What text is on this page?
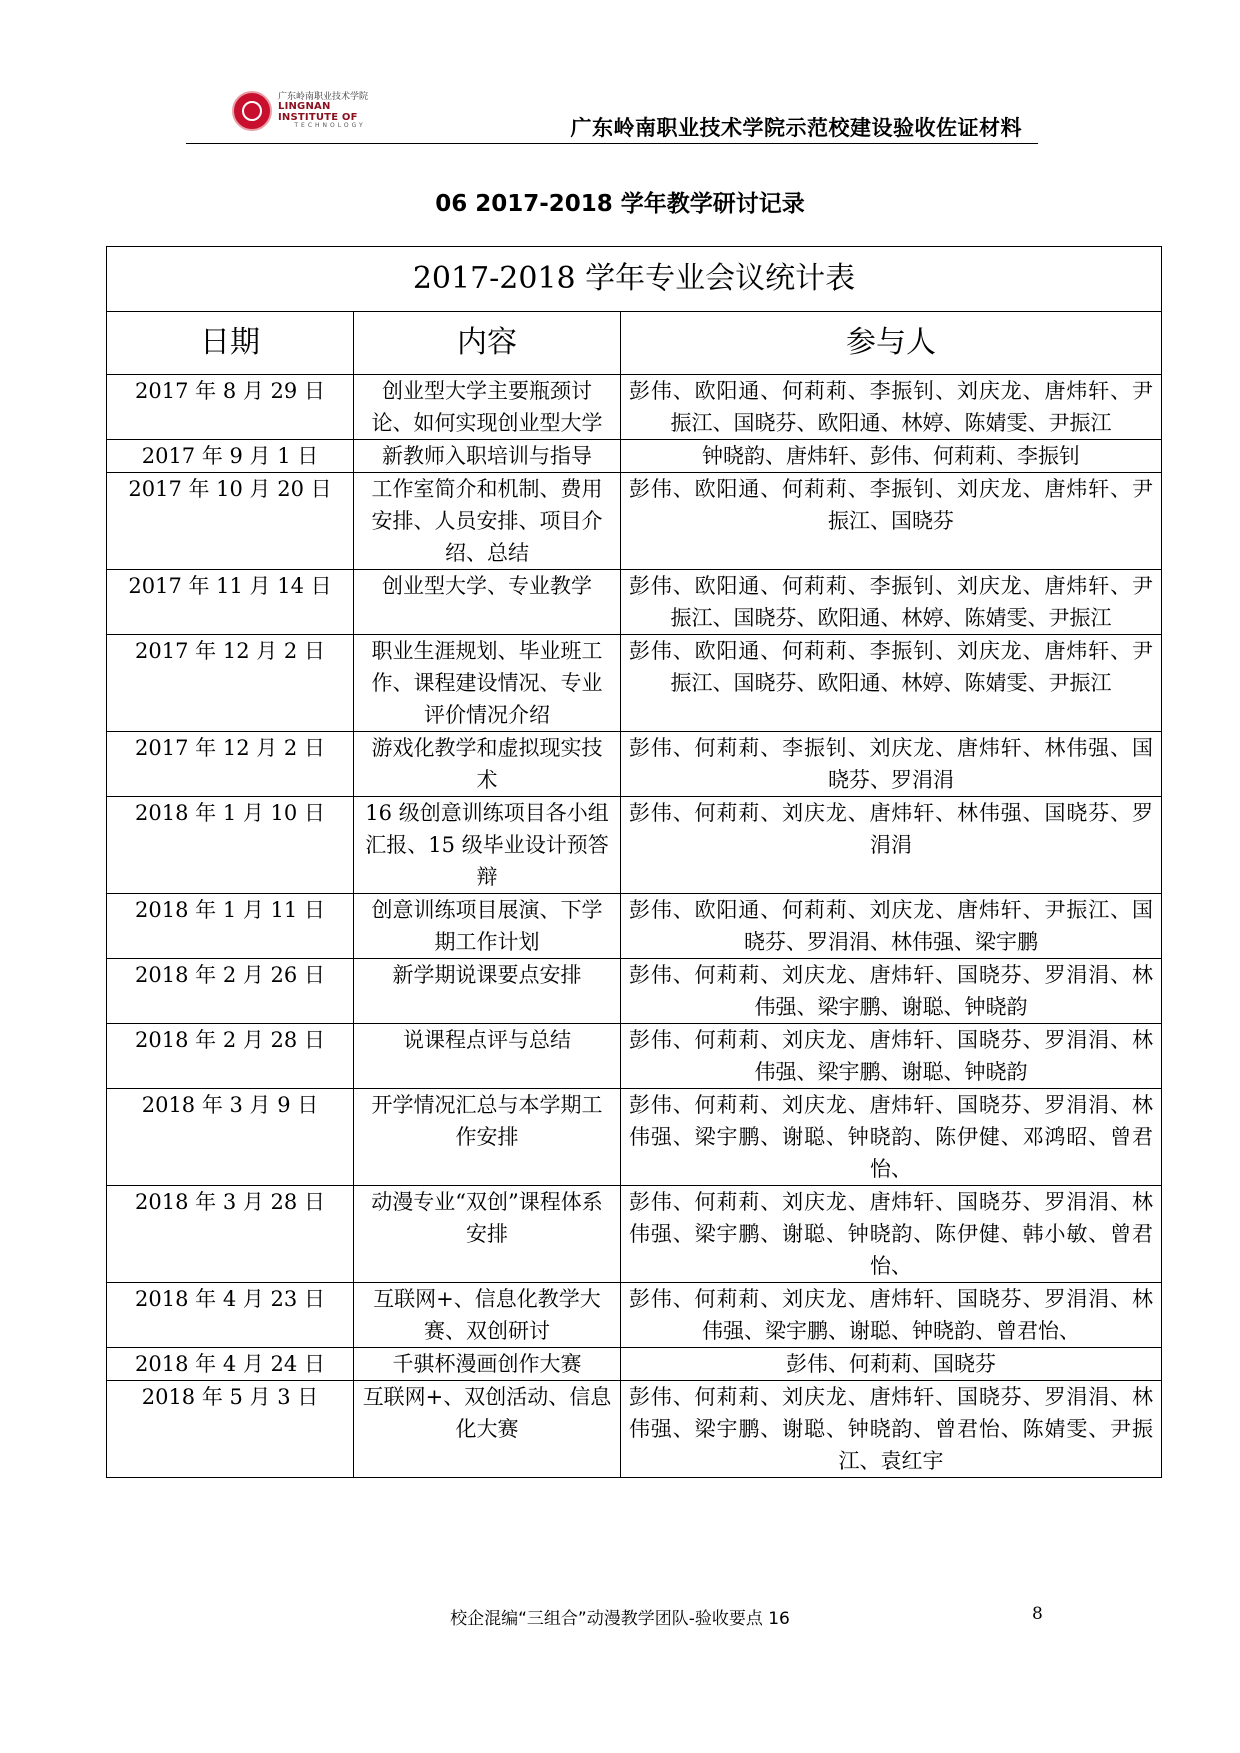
广东岭南职业技术学院
LINGNAN INSTITUTE OF
TECHNOLOGY	广东岭南职业技术学院示范校建设验收佐证材料
06 2017-2018 学年教学研讨记录
2017-2018 学年专业会议统计表		
日期	内容	参与人
2017 年 8 月 29 日	创业型大学主要瓶颈讨论、如何实现创业型大学	彭伟、欧阳通、何莉莉、李振钊、刘庆龙、唐炜轩、尹振江、国晓芬、欧阳通、林婷、陈婧雯、尹振江
2017 年 9 月 1 日	新教师入职培训与指导	钟晓韵、唐炜轩、彭伟、何莉莉、李振钊
2017 年 10 月 20 日	工作室简介和机制、费用安排、人员安排、项目介绍、总结	彭伟、欧阳通、何莉莉、李振钊、刘庆龙、唐炜轩、尹振江、国晓芬
2017 年 11 月 14 日	创业型大学、专业教学	彭伟、欧阳通、何莉莉、李振钊、刘庆龙、唐炜轩、尹振江、国晓芬、欧阳通、林婷、陈婧雯、尹振江
2017 年 12 月 2 日	职业生涯规划、毕业班工作、课程建设情况、专业评价情况介绍	彭伟、欧阳通、何莉莉、李振钊、刘庆龙、唐炜轩、尹振江、国晓芬、欧阳通、林婷、陈婧雯、尹振江
2017 年 12 月 2 日	游戏化教学和虚拟现实技术	彭伟、何莉莉、李振钊、刘庆龙、唐炜轩、林伟强、国晓芬、罗涓涓
2018 年 1 月 10 日	16 级创意训练项目各小组汇报、15 级毕业设计预答辩	彭伟、何莉莉、刘庆龙、唐炜轩、林伟强、国晓芬、罗涓涓
2018 年 1 月 11 日	创意训练项目展演、下学期工作计划	彭伟、欧阳通、何莉莉、刘庆龙、唐炜轩、尹振江、国晓芬、罗涓涓、林伟强、梁宇鹏
2018 年 2 月 26 日	新学期说课要点安排	彭伟、何莉莉、刘庆龙、唐炜轩、国晓芬、罗涓涓、林伟强、梁宇鹏、谢聪、钟晓韵
2018 年 2 月 28 日	说课程点评与总结	彭伟、何莉莉、刘庆龙、唐炜轩、国晓芬、罗涓涓、林伟强、梁宇鹏、谢聪、钟晓韵
2018 年 3 月 9 日	开学情况汇总与本学期工作安排	彭伟、何莉莉、刘庆龙、唐炜轩、国晓芬、罗涓涓、林伟强、梁宇鹏、谢聪、钟晓韵、陈伊健、邓鸿昭、曾君怡、
2018 年 3 月 28 日	动漫专业“双创”课程体系安排	彭伟、何莉莉、刘庆龙、唐炜轩、国晓芬、罗涓涓、林伟强、梁宇鹏、谢聪、钟晓韵、陈伊健、韩小敏、曾君怡、
2018 年 4 月 23 日	互联网+、信息化教学大赛、双创研讨	彭伟、何莉莉、刘庆龙、唐炜轩、国晓芬、罗涓涓、林伟强、梁宇鹏、谢聪、钟晓韵、曾君怡、
2018 年 4 月 24 日	千骐杯漫画创作大赛	彭伟、何莉莉、国晓芬
2018 年 5 月 3 日	互联网+、双创活动、信息化大赛	彭伟、何莉莉、刘庆龙、唐炜轩、国晓芬、罗涓涓、林伟强、梁宇鹏、谢聪、钟晓韵、曾君怡、陈婧雯、尹振江、袁红宇
校企混编“三组合”动漫教学团队-验收要点 16	8
